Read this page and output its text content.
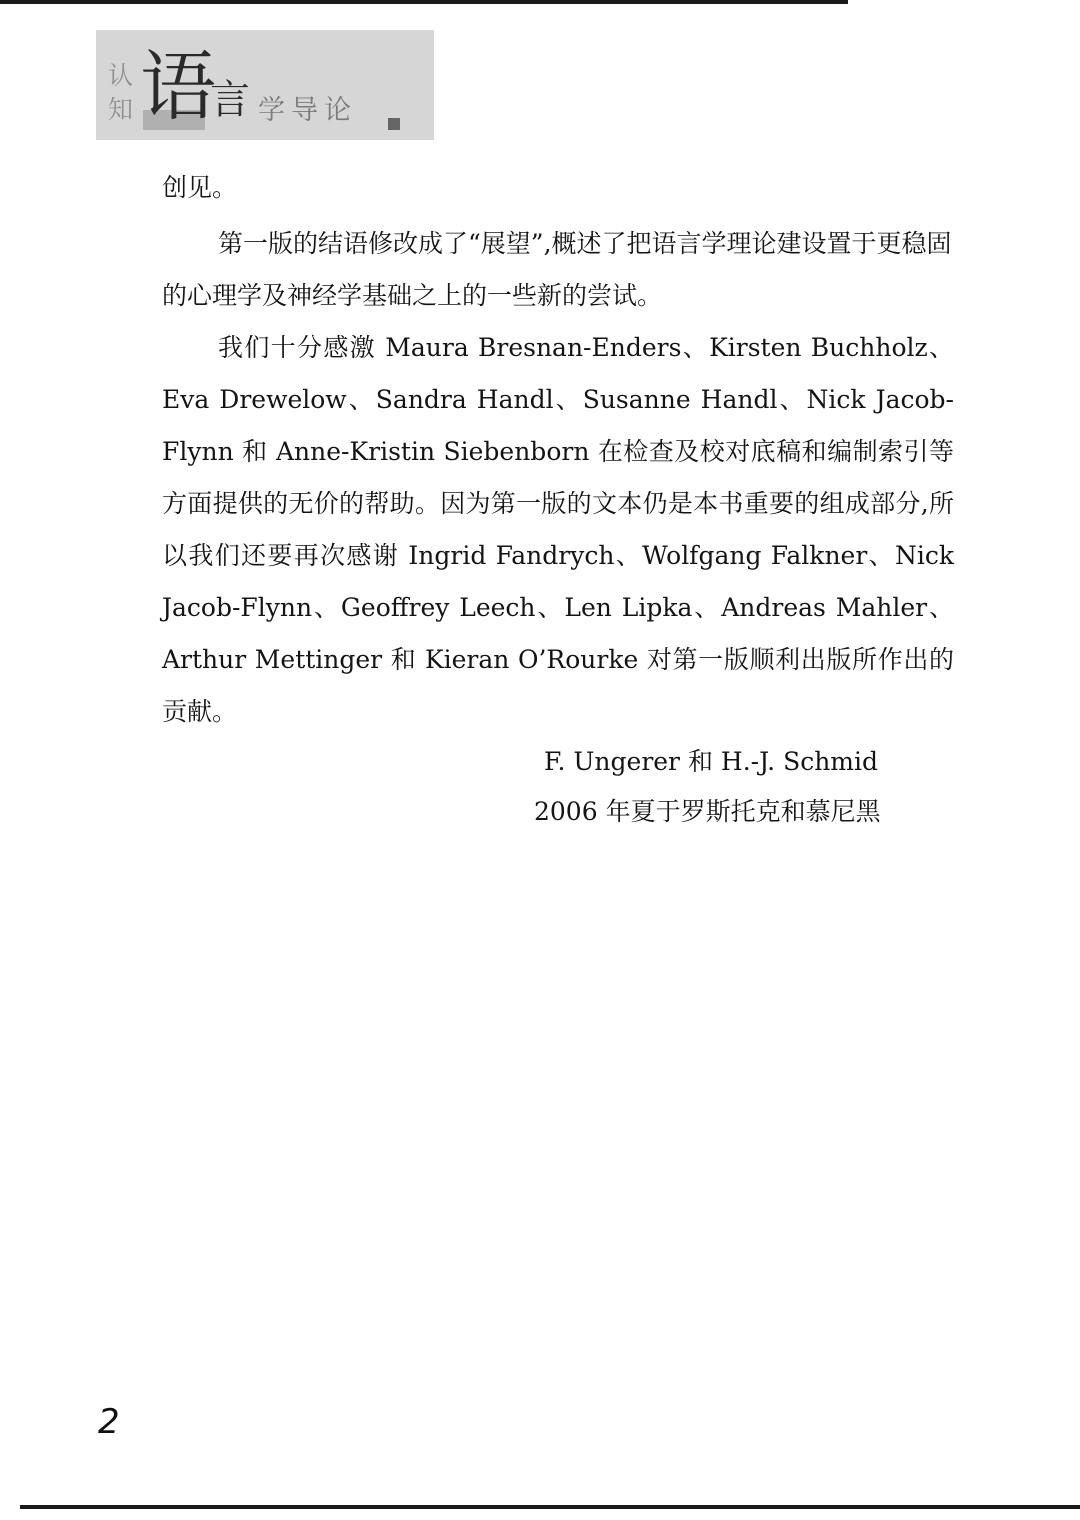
认
知 语
言 学导论
创见。
第一版的结语修改成了“展望”,概述了把语言学理论建设置于更稳固的心理学及神经学基础之上的一些新的尝试。
我们十分感激 Maura Bresnan-Enders、Kirsten Buchholz、Eva Drewelow、Sandra Handl、Susanne Handl、Nick Jacob-Flynn 和 Anne-Kristin Siebenborn 在检查及校对底稿和编制索引等方面提供的无价的帮助。因为第一版的文本仍是本书重要的组成部分,所以我们还要再次感谢 Ingrid Fandrych、Wolfgang Falkner、Nick Jacob-Flynn、Geoffrey Leech、Len Lipka、Andreas Mahler、Arthur Mettinger 和 Kieran O’Rourke 对第一版顺利出版所作出的贡献。
F. Ungerer 和 H.-J. Schmid
2006 年夏于罗斯托克和慕尼黑
2
